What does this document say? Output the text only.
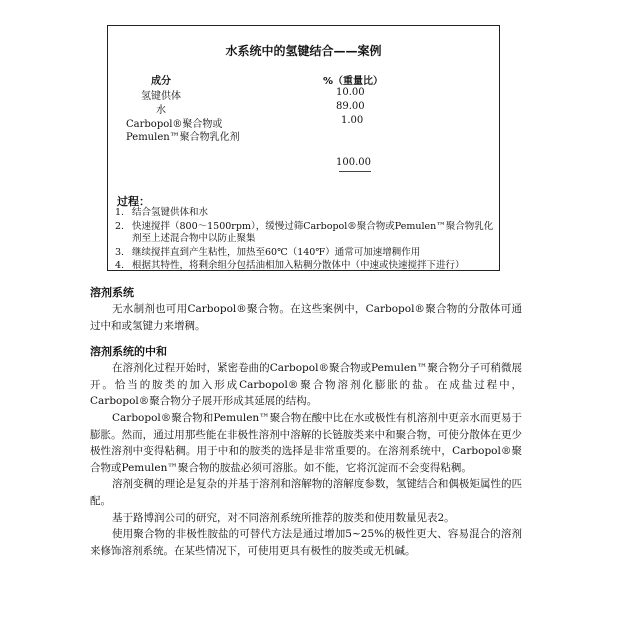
水系统中的氢键结合——案例
成分	%（重量比）
氢键供体	10.00
水	89.00
Carbopol®聚合物或	1.00
Pemulen™聚合物乳化剂
100.00
过程：
1. 结合氢键供体和水
2. 快速搅拌（800～1500rpm），缓慢过筛Carbopol®聚合物或Pemulen™聚合物乳化剂至上述混合物中以防止聚集
3. 继续搅拌直到产生粘性，加热至60℃（140℉）通常可加速增稠作用
4. 根据其特性，将剩余组分包括油相加入粘稠分散体中（中速或快速搅拌下进行）
溶剂系统

无水制剂也可用Carbopol®聚合物。在这些案例中，Carbopol®聚合物的分散体可通过中和或氢键力来增稠。

溶剂系统的中和

在溶剂化过程开始时，紧密卷曲的Carbopol®聚合物或Pemulen™聚合物分子可稍微展开。恰当的胺类的加入形成Carbopol®聚合物溶剂化膨胀的盐。在成盐过程中，Carbopol®聚合物分子展开形成其延展的结构。

Carbopol®聚合物和Pemulen™聚合物在酸中比在水或极性有机溶剂中更亲水而更易于膨胀。然而，通过用那些能在非极性溶剂中溶解的长链胺类来中和聚合物，可使分散体在更少极性溶剂中变得粘稠。用于中和的胺类的选择是非常重要的。在溶剂系统中，Carbopol®聚合物或Pemulen™聚合物的胺盐必须可溶胀。如不能，它将沉淀而不会变得粘稠。

溶剂变稠的理论是复杂的并基于溶剂和溶解物的溶解度参数，氢键结合和偶极矩属性的匹配。

基于路博润公司的研究，对不同溶剂系统所推荐的胺类和使用数量见表2。

使用聚合物的非极性胺盐的可替代方法是通过增加5~25%的极性更大、容易混合的溶剂来修饰溶剂系统。在某些情况下，可使用更具有极性的胺类或无机碱。
